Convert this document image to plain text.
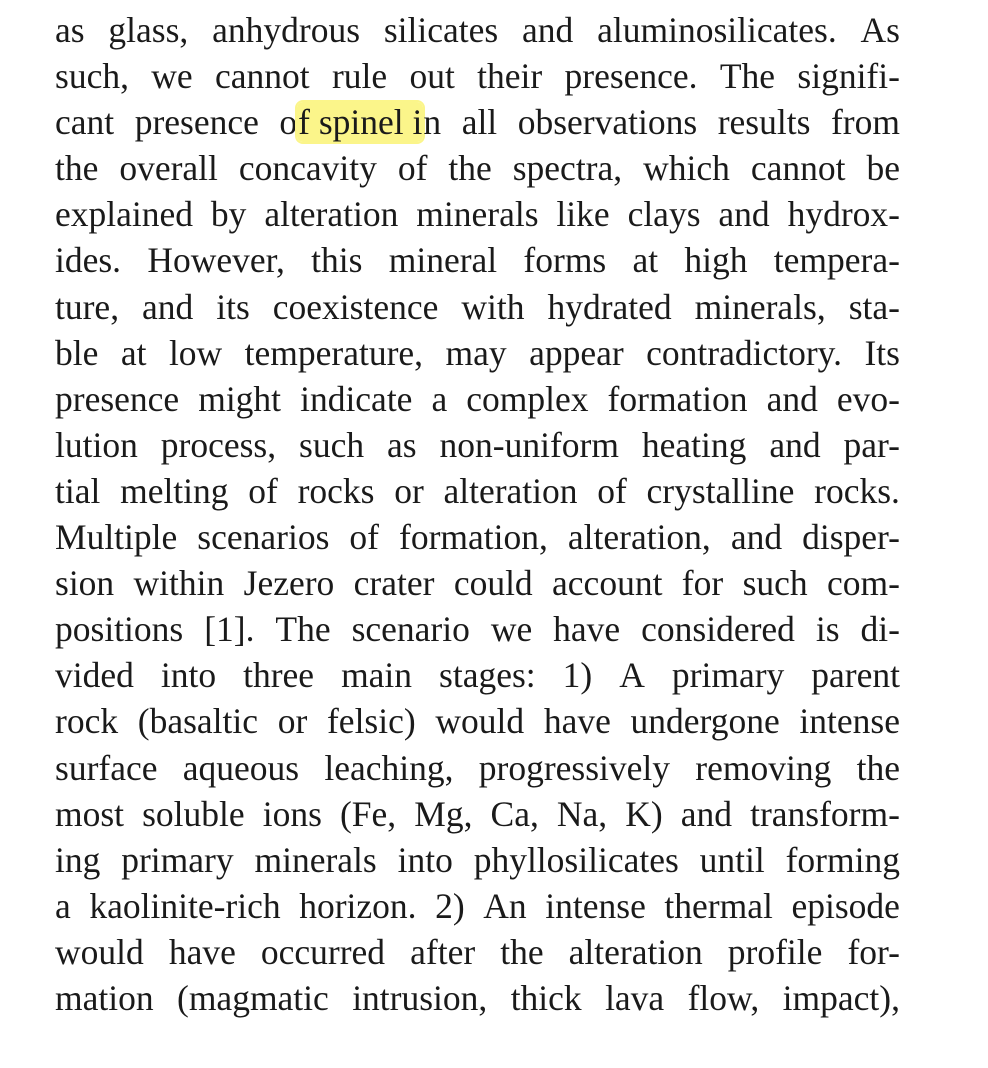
as glass, anhydrous silicates and aluminosilicates. As
such, we cannot rule out their presence. The signifi-
cant presence of spinel in all observations results from
the overall concavity of the spectra, which cannot be
explained by alteration minerals like clays and hydrox-
ides. However, this mineral forms at high tempera-
ture, and its coexistence with hydrated minerals, sta-
ble at low temperature, may appear contradictory. Its
presence might indicate a complex formation and evo-
lution process, such as non-uniform heating and par-
tial melting of rocks or alteration of crystalline rocks.
Multiple scenarios of formation, alteration, and disper-
sion within Jezero crater could account for such com-
positions [1]. The scenario we have considered is di-
vided into three main stages: 1) A primary parent
rock (basaltic or felsic) would have undergone intense
surface aqueous leaching, progressively removing the
most soluble ions (Fe, Mg, Ca, Na, K) and transform-
ing primary minerals into phyllosilicates until forming
a kaolinite-rich horizon. 2) An intense thermal episode
would have occurred after the alteration profile for-
mation (magmatic intrusion, thick lava flow, impact),
